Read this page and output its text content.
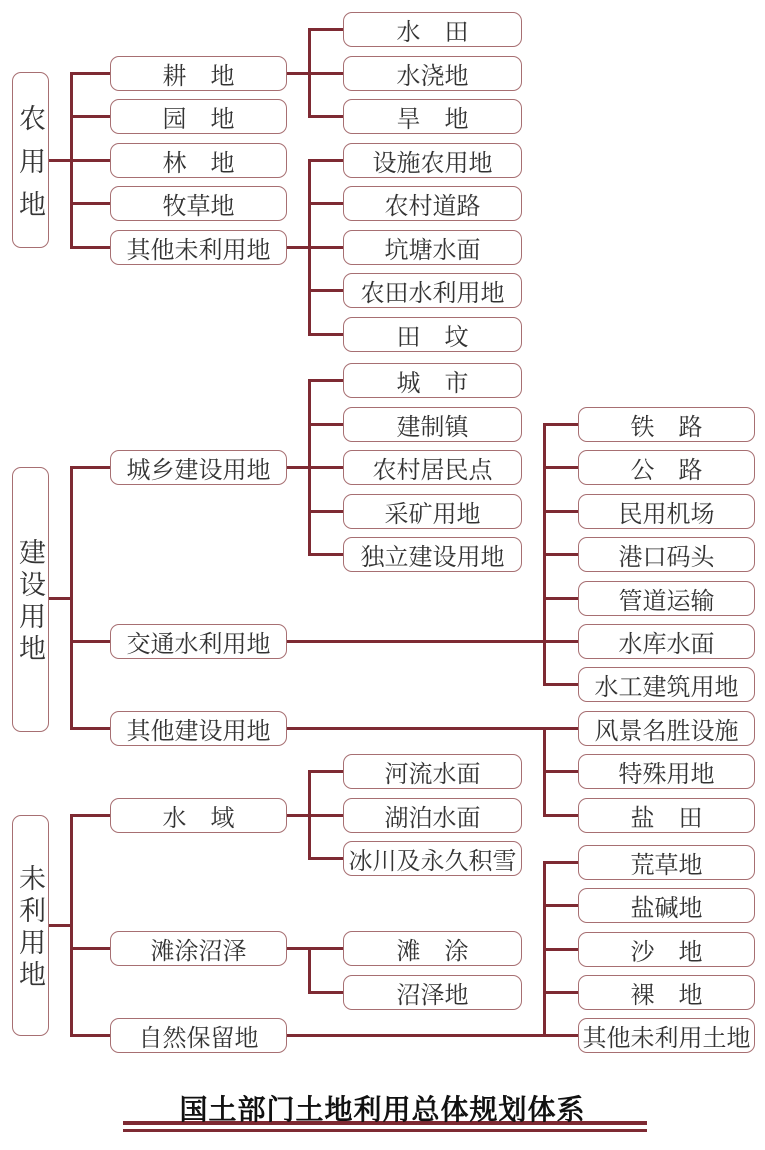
农用地
建设用地
未利用地
耕　地
园　地
林　地
牧草地
其他未利用地
城乡建设用地
交通水利用地
其他建设用地
水　域
滩涂沼泽
自然保留地
水　田
水浇地
旱　地
设施农用地
农村道路
坑塘水面
农田水利用地
田　坟
城　市
建制镇
农村居民点
采矿用地
独立建设用地
河流水面
湖泊水面
冰川及永久积雪
滩　涂
沼泽地
铁　路
公　路
民用机场
港口码头
管道运输
水库水面
水工建筑用地
风景名胜设施
特殊用地
盐　田
荒草地
盐碱地
沙　地
裸　地
其他未利用土地
国土部门土地利用总体规划体系
